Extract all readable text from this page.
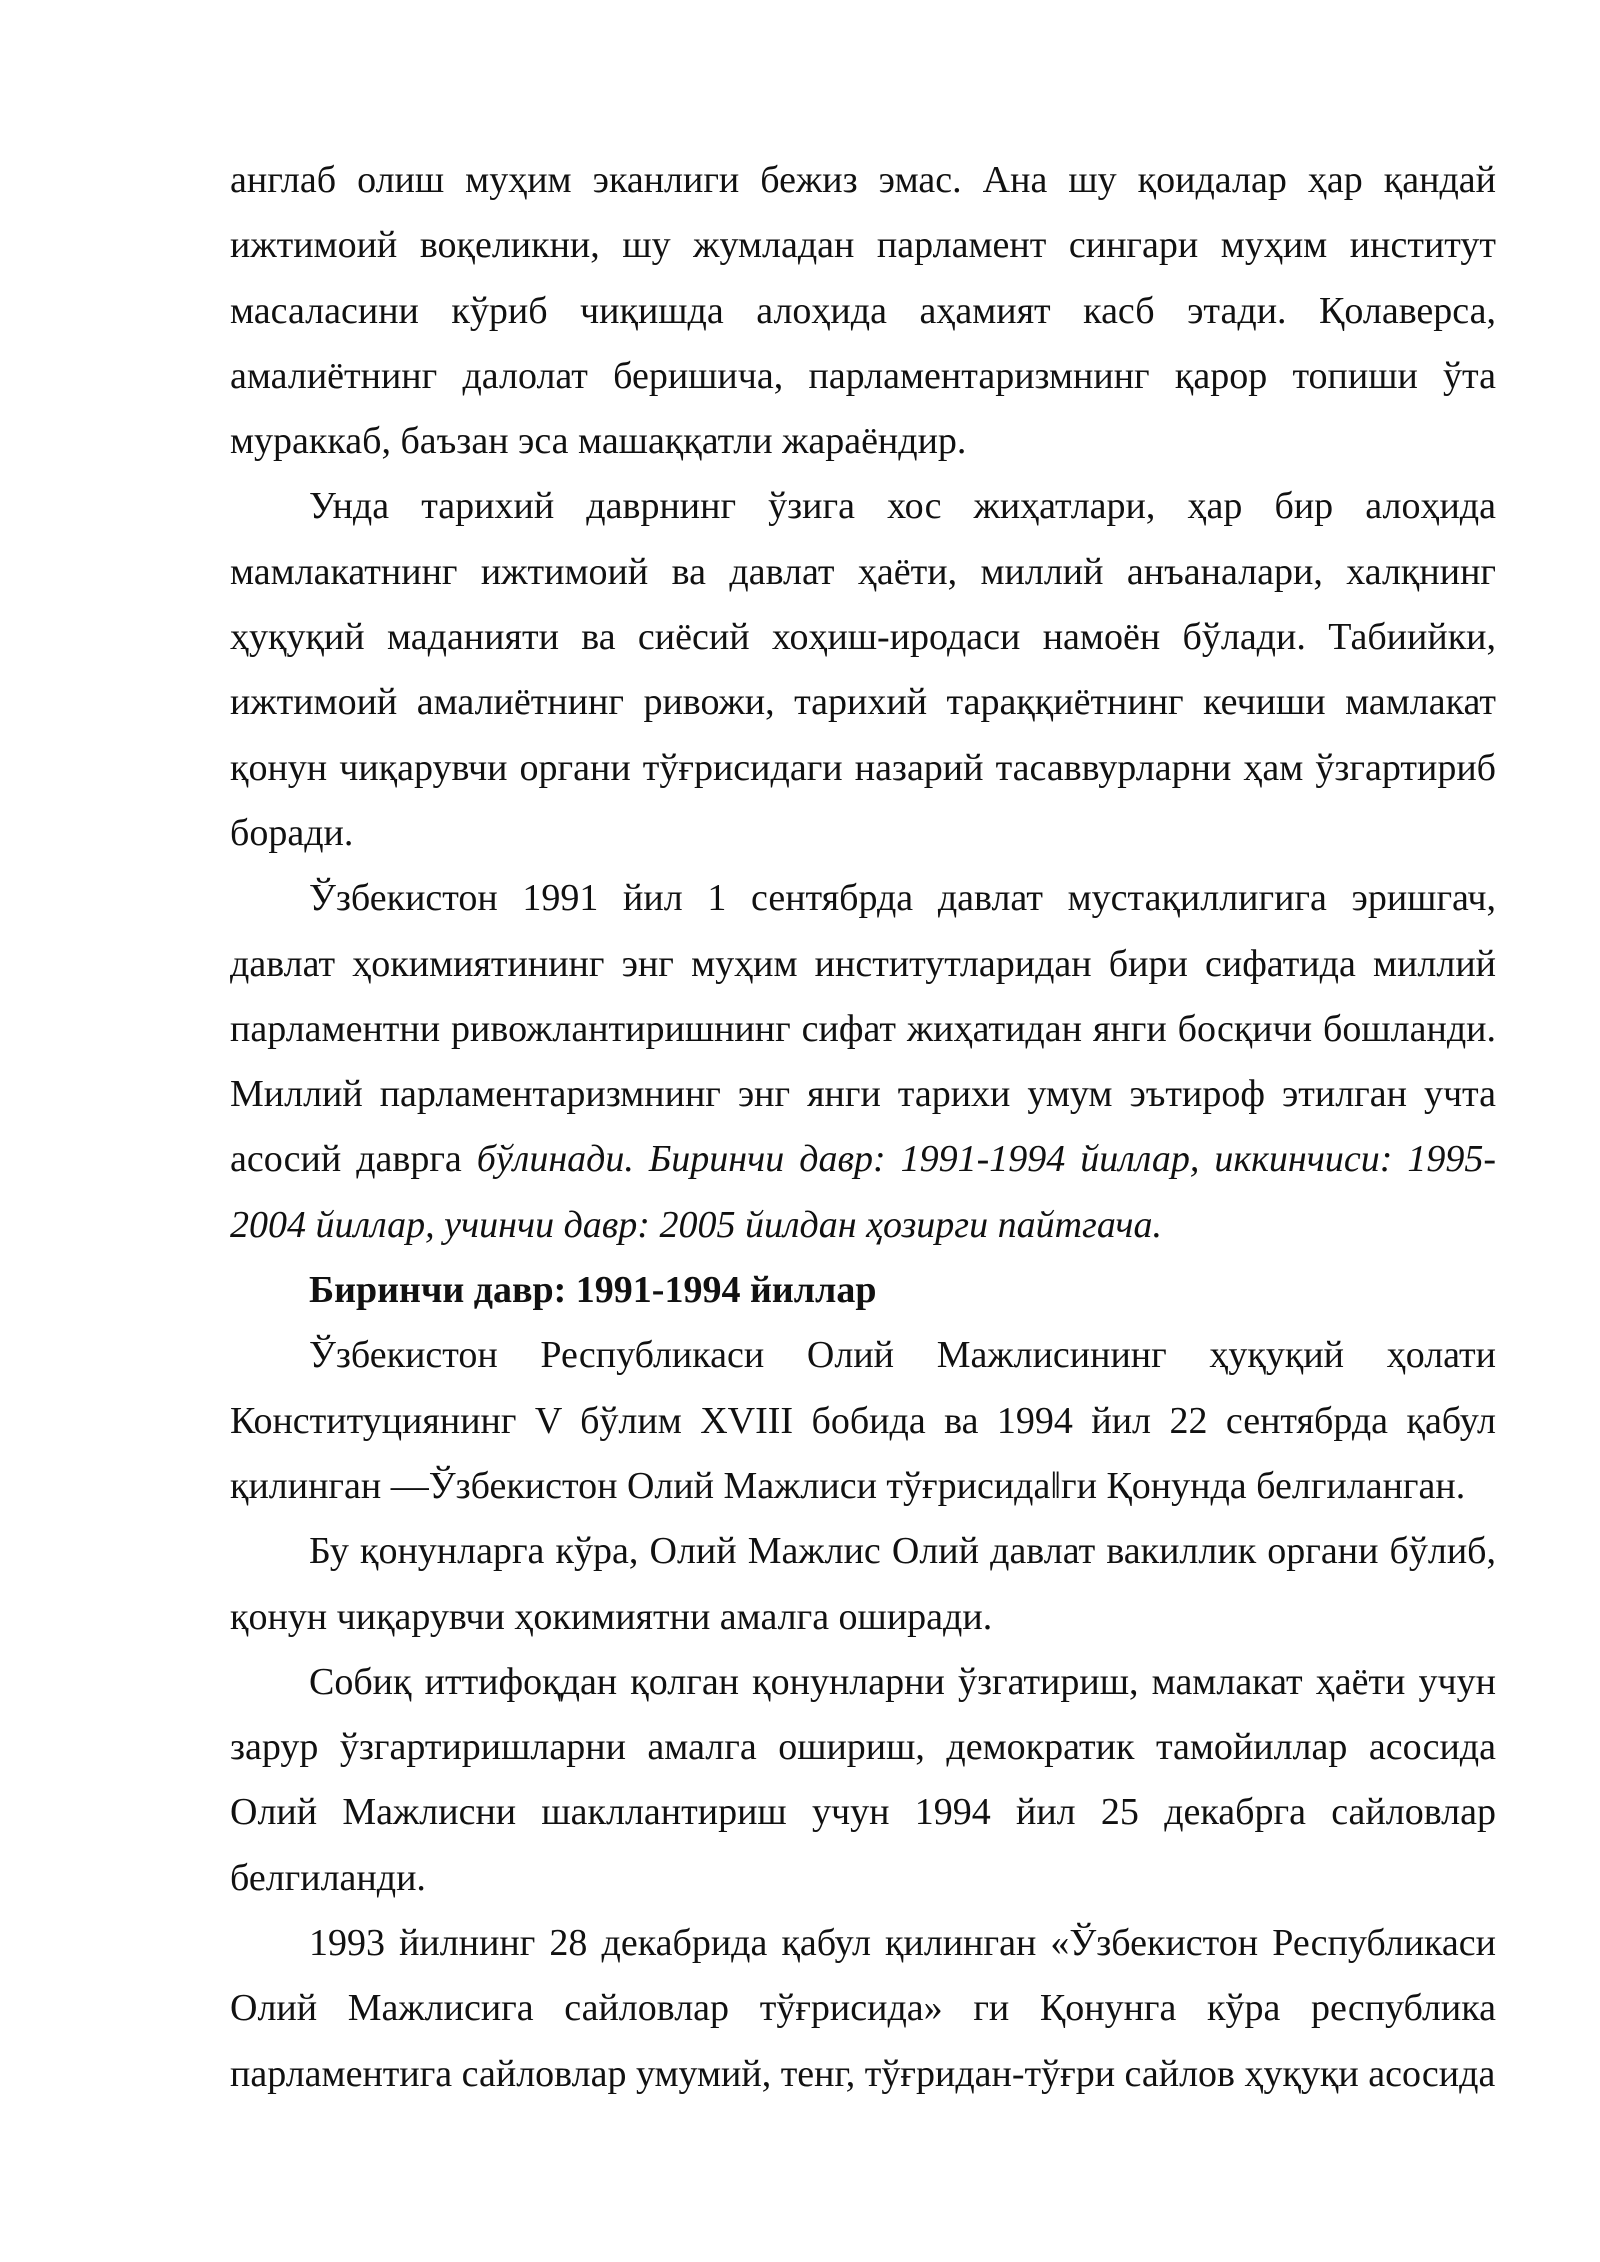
англаб олиш муҳим эканлиги бежиз эмас. Ана шу қоидалар ҳар қандай ижтимоий воқеликни, шу жумладан парламент сингари муҳим институт масаласини кўриб чиқишда алоҳида аҳамият касб этади. Қолаверса, амалиётнинг далолат беришича, парламентаризмнинг қарор топиши ўта мураккаб, баъзан эса машаққатли жараёндир.

Унда тарихий даврнинг ўзига хос жиҳатлари, ҳар бир алоҳида мамлакатнинг ижтимоий ва давлат ҳаёти, миллий анъаналари, халқнинг ҳуқуқий маданияти ва сиёсий хоҳиш-иродаси намоён бўлади. Табиийки, ижтимоий амалиётнинг ривожи, тарихий тараққиётнинг кечиши мамлакат қонун чиқарувчи органи тўғрисидаги назарий тасаввурларни ҳам ўзгартириб боради.

Ўзбекистон 1991 йил 1 сентябрда давлат мустақиллигига эришгач, давлат ҳокимиятининг энг муҳим институтларидан бири сифатида миллий парламентни ривожлантиришнинг сифат жиҳатидан янги босқичи бошланди. Миллий парламентаризмнинг энг янги тарихи умум эътироф этилган учта асосий даврга бўлинади. Биринчи давр: 1991-1994 йиллар, иккинчиси: 1995-2004 йиллар, учинчи давр: 2005 йилдан ҳозирги пайтгача.

Биринчи давр: 1991-1994 йиллар

Ўзбекистон Республикаси Олий Мажлисининг ҳуқуқий ҳолати Конституциянинг V бўлим XVIII бобида ва 1994 йил 22 сентябрда қабул қилинган ―Ўзбекистон Олий Мажлиси тўғрисида‖ги Қонунда белгиланган.

Бу қонунларга кўра, Олий Мажлис Олий давлат вакиллик органи бўлиб, қонун чиқарувчи ҳокимиятни амалга оширади.

Собиқ иттифоқдан қолган қонунларни ўзгатириш, мамлакат ҳаёти учун зарур ўзгартиришларни амалга ошириш, демократик тамойиллар асосида Олий Мажлисни шакллантириш учун 1994 йил 25 декабрга сайловлар белгиланди.

1993 йилнинг 28 декабрида қабул қилинган «Ўзбекистон Республикаси Олий Мажлисига сайловлар тўғрисида» ги Қонунга кўра республика парламентига сайловлар умумий, тенг, тўғридан-тўғри сайлов ҳуқуқи асосида
